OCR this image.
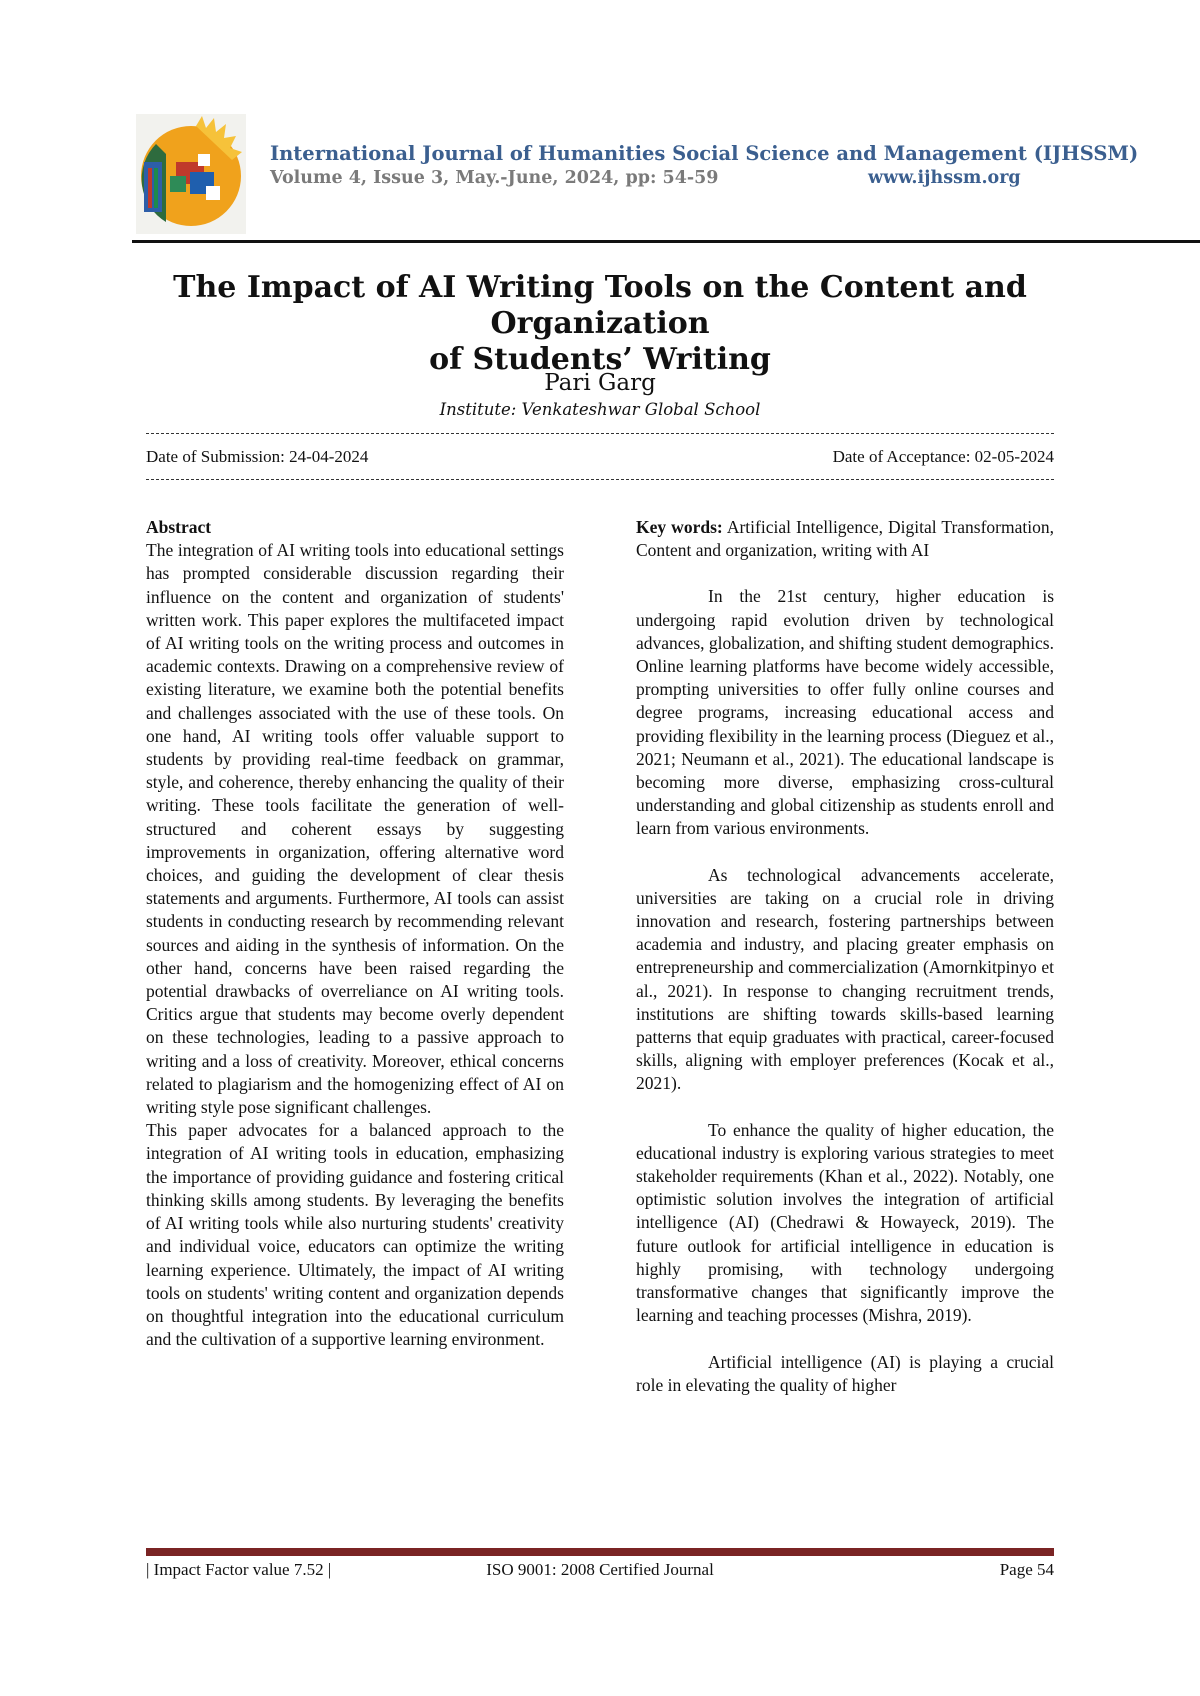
International Journal of Humanities Social Science and Management (IJHSSM)
Volume 4, Issue 3, May.-June, 2024, pp: 54-59	www.ijhssm.org
The Impact of AI Writing Tools on the Content and Organization
of Students’ Writing
Pari Garg
Institute: Venkateshwar Global School
Date of Submission: 24-04-2024	Date of Acceptance: 02-05-2024

Abstract

The integration of AI writing tools into educational settings has prompted considerable discussion regarding their influence on the content and organization of students' written work. This paper explores the multifaceted impact of AI writing tools on the writing process and outcomes in academic contexts. Drawing on a comprehensive review of existing literature, we examine both the potential benefits and challenges associated with the use of these tools. On one hand, AI writing tools offer valuable support to students by providing real-time feedback on grammar, style, and coherence, thereby enhancing the quality of their writing. These tools facilitate the generation of well-structured and coherent essays by suggesting improvements in organization, offering alternative word choices, and guiding the development of clear thesis statements and arguments. Furthermore, AI tools can assist students in conducting research by recommending relevant sources and aiding in the synthesis of information. On the other hand, concerns have been raised regarding the potential drawbacks of overreliance on AI writing tools. Critics argue that students may become overly dependent on these technologies, leading to a passive approach to writing and a loss of creativity. Moreover, ethical concerns related to plagiarism and the homogenizing effect of AI on writing style pose significant challenges.

This paper advocates for a balanced approach to the integration of AI writing tools in education, emphasizing the importance of providing guidance and fostering critical thinking skills among students. By leveraging the benefits of AI writing tools while also nurturing students' creativity and individual voice, educators can optimize the writing learning experience. Ultimately, the impact of AI writing tools on students' writing content and organization depends on thoughtful integration into the educational curriculum and the cultivation of a supportive learning environment.

Key words: Artificial Intelligence, Digital Transformation, Content and organization, writing with AI

In the 21st century, higher education is undergoing rapid evolution driven by technological advances, globalization, and shifting student demographics. Online learning platforms have become widely accessible, prompting universities to offer fully online courses and degree programs, increasing educational access and providing flexibility in the learning process (Dieguez et al., 2021; Neumann et al., 2021). The educational landscape is becoming more diverse, emphasizing cross-cultural understanding and global citizenship as students enroll and learn from various environments.

As technological advancements accelerate, universities are taking on a crucial role in driving innovation and research, fostering partnerships between academia and industry, and placing greater emphasis on entrepreneurship and commercialization (Amornkitpinyo et al., 2021). In response to changing recruitment trends, institutions are shifting towards skills-based learning patterns that equip graduates with practical, career-focused skills, aligning with employer preferences (Kocak et al., 2021).

To enhance the quality of higher education, the educational industry is exploring various strategies to meet stakeholder requirements (Khan et al., 2022). Notably, one optimistic solution involves the integration of artificial intelligence (AI) (Chedrawi & Howayeck, 2019). The future outlook for artificial intelligence in education is highly promising, with technology undergoing transformative changes that significantly improve the learning and teaching processes (Mishra, 2019).

Artificial intelligence (AI) is playing a crucial role in elevating the quality of higher

| Impact Factor value 7.52 |	ISO 9001: 2008 Certified Journal	Page 54
